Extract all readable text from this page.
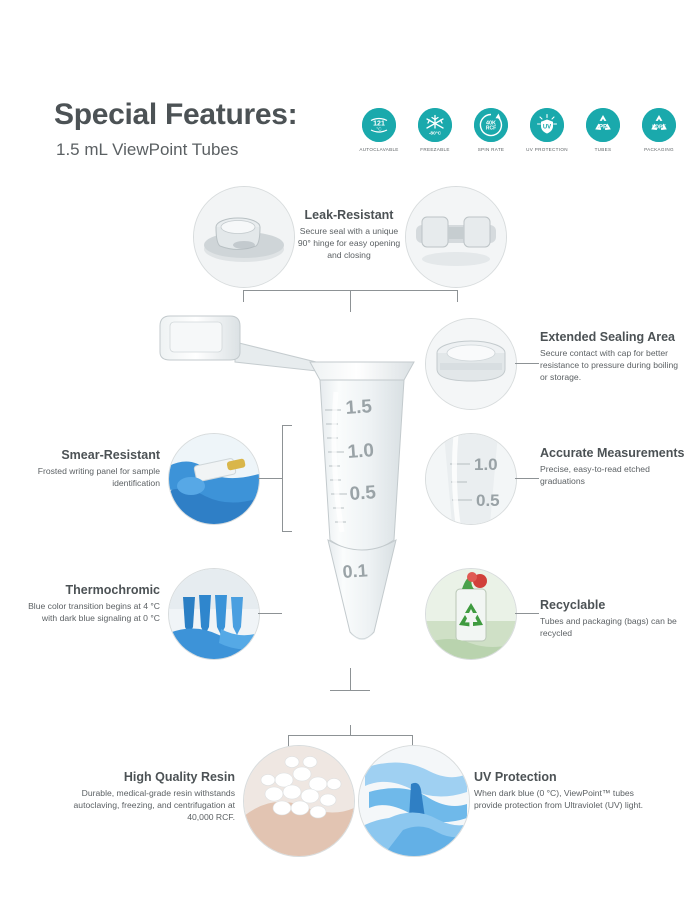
Special Features:
1.5 mL ViewPoint Tubes
121
°C
AUTOCLAVABLE
-80°C
FREEZABLE
40K
RCF
SPIN RATE
UV
UV PROTECTION
PP
TUBES
LDPE
PACKAGING
Leak-Resistant
Secure seal with a unique 90° hinge for easy opening and closing
1.5
1.0
0.5
0.1
Extended Sealing Area
Secure contact with cap for better resistance to pressure during boiling or storage.
Smear-Resistant
Frosted writing panel for sample identification
1.0
0.5
Accurate Measurements
Precise, easy-to-read etched graduations
Thermochromic
Blue color transition begins at 4 °C with dark blue signaling at 0 °C
Recyclable
Tubes and packaging (bags) can be recycled
High Quality Resin
Durable, medical-grade resin withstands autoclaving, freezing, and centrifugation at 40,000 RCF.
UV Protection
When dark blue (0 °C), ViewPoint™ tubes provide protection from Ultraviolet (UV) light.
